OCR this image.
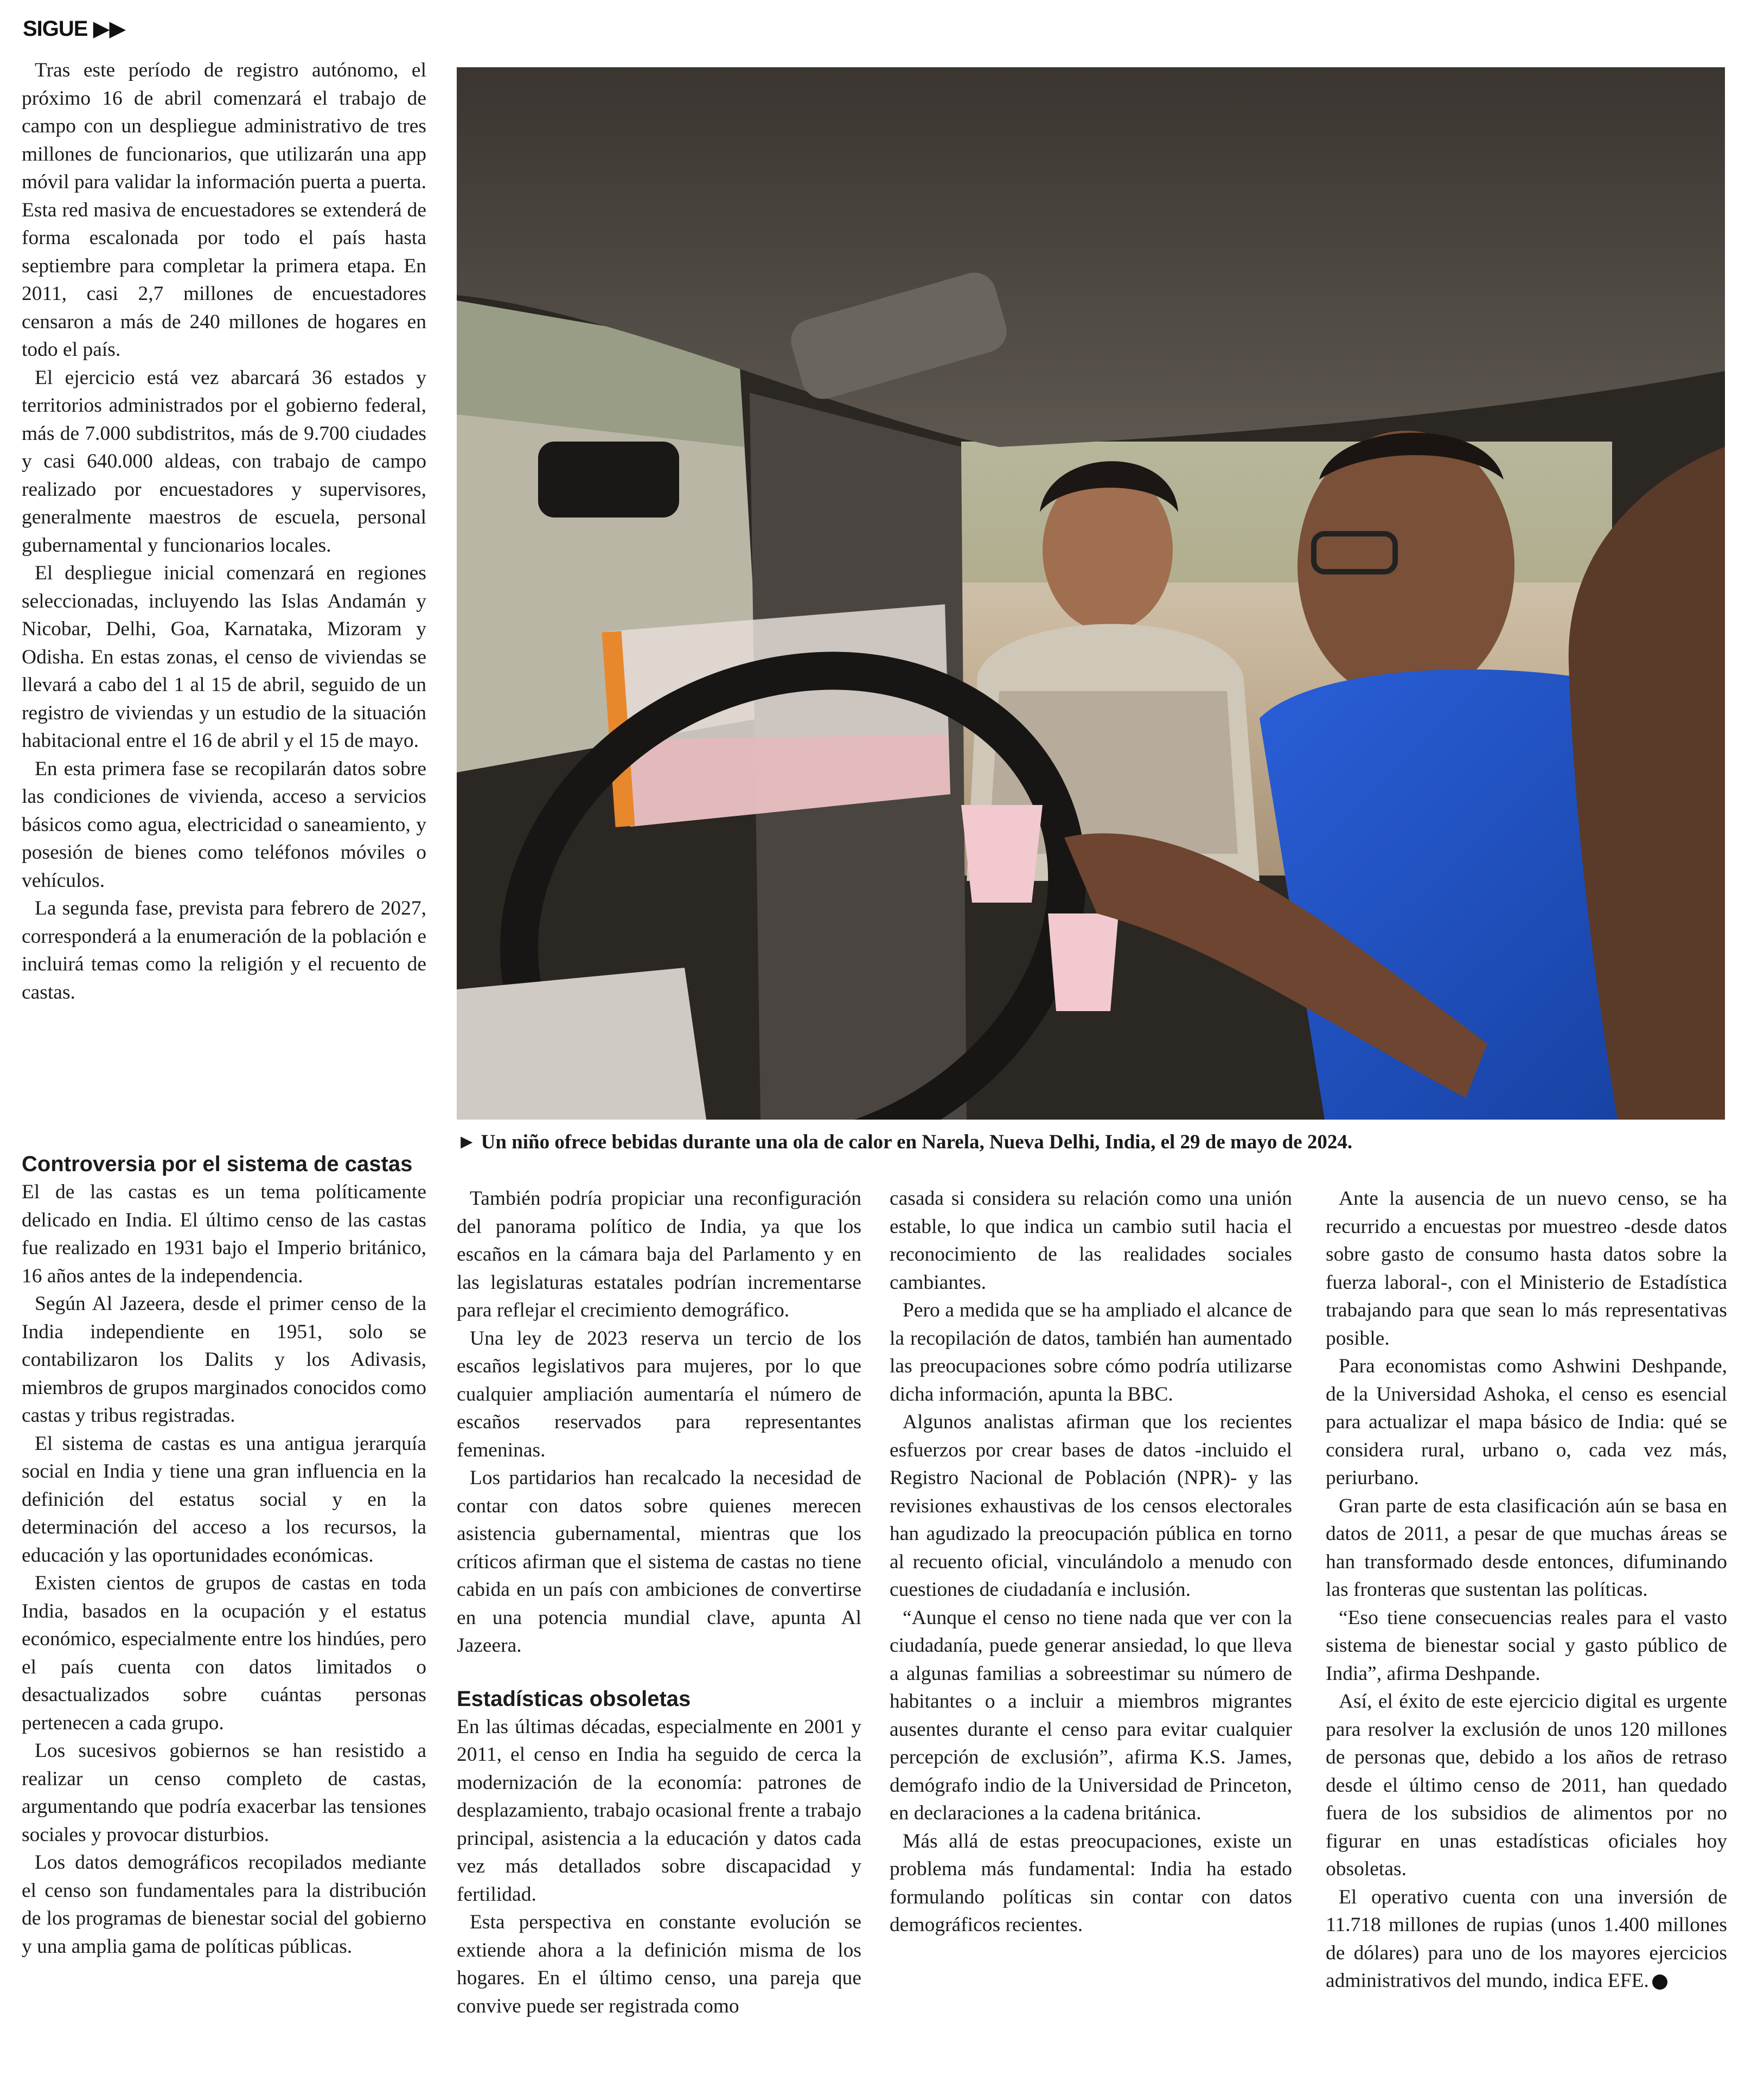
SIGUE ▶▶

Tras este período de registro autónomo, el próximo 16 de abril comenzará el trabajo de campo con un despliegue administrativo de tres millones de funcionarios, que utilizarán una app móvil para validar la información puerta a puerta. Esta red masiva de encuestadores se extenderá de forma escalonada por todo el país hasta septiembre para completar la primera etapa. En 2011, casi 2,7 millones de encuestadores censaron a más de 240 millones de hogares en todo el país.

El ejercicio está vez abarcará 36 estados y territorios administrados por el gobierno federal, más de 7.000 subdistritos, más de 9.700 ciudades y casi 640.000 aldeas, con trabajo de campo realizado por encuestadores y supervisores, generalmente maestros de escuela, personal gubernamental y funcionarios locales.

El despliegue inicial comenzará en regiones seleccionadas, incluyendo las Islas Andamán y Nicobar, Delhi, Goa, Karnataka, Mizoram y Odisha. En estas zonas, el censo de viviendas se llevará a cabo del 1 al 15 de abril, seguido de un registro de viviendas y un estudio de la situación habitacional entre el 16 de abril y el 15 de mayo.

En esta primera fase se recopilarán datos sobre las condiciones de vivienda, acceso a servicios básicos como agua, electricidad o saneamiento, y posesión de bienes como teléfonos móviles o vehículos.

La segunda fase, prevista para febrero de 2027, corresponderá a la enumeración de la población e incluirá temas como la religión y el recuento de castas.

► Un niño ofrece bebidas durante una ola de calor en Narela, Nueva Delhi, India, el 29 de mayo de 2024.
Controversia por el sistema de castas

El de las castas es un tema políticamente delicado en India. El último censo de las castas fue realizado en 1931 bajo el Imperio británico, 16 años antes de la independencia.

Según Al Jazeera, desde el primer censo de la India independiente en 1951, solo se contabilizaron los Dalits y los Adivasis, miembros de grupos marginados conocidos como castas y tribus registradas.

El sistema de castas es una antigua jerarquía social en India y tiene una gran influencia en la definición del estatus social y en la determinación del acceso a los recursos, la educación y las oportunidades económicas.

Existen cientos de grupos de castas en toda India, basados en la ocupación y el estatus económico, especialmente entre los hindúes, pero el país cuenta con datos limitados o desactualizados sobre cuántas personas pertenecen a cada grupo.

Los sucesivos gobiernos se han resistido a realizar un censo completo de castas, argumentando que podría exacerbar las tensiones sociales y provocar disturbios.

Los datos demográficos recopilados mediante el censo son fundamentales para la distribución de los programas de bienestar social del gobierno y una amplia gama de políticas públicas.

También podría propiciar una reconfiguración del panorama político de India, ya que los escaños en la cámara baja del Parlamento y en las legislaturas estatales podrían incrementarse para reflejar el crecimiento demográfico.

Una ley de 2023 reserva un tercio de los escaños legislativos para mujeres, por lo que cualquier ampliación aumentaría el número de escaños reservados para representantes femeninas.

Los partidarios han recalcado la necesidad de contar con datos sobre quienes merecen asistencia gubernamental, mientras que los críticos afirman que el sistema de castas no tiene cabida en un país con ambiciones de convertirse en una potencia mundial clave, apunta Al Jazeera.

Estadísticas obsoletas

En las últimas décadas, especialmente en 2001 y 2011, el censo en India ha seguido de cerca la modernización de la economía: patrones de desplazamiento, trabajo ocasional frente a trabajo principal, asistencia a la educación y datos cada vez más detallados sobre discapacidad y fertilidad.

Esta perspectiva en constante evolución se extiende ahora a la definición misma de los hogares. En el último censo, una pareja que convive puede ser registrada como

casada si considera su relación como una unión estable, lo que indica un cambio sutil hacia el reconocimiento de las realidades sociales cambiantes.

Pero a medida que se ha ampliado el alcance de la recopilación de datos, también han aumentado las preocupaciones sobre cómo podría utilizarse dicha información, apunta la BBC.

Algunos analistas afirman que los recientes esfuerzos por crear bases de datos -incluido el Registro Nacional de Población (NPR)- y las revisiones exhaustivas de los censos electorales han agudizado la preocupación pública en torno al recuento oficial, vinculándolo a menudo con cuestiones de ciudadanía e inclusión.

“Aunque el censo no tiene nada que ver con la ciudadanía, puede generar ansiedad, lo que lleva a algunas familias a sobreestimar su número de habitantes o a incluir a miembros migrantes ausentes durante el censo para evitar cualquier percepción de exclusión”, afirma K.S. James, demógrafo indio de la Universidad de Princeton, en declaraciones a la cadena británica.

Más allá de estas preocupaciones, existe un problema más fundamental: India ha estado formulando políticas sin contar con datos demográficos recientes.

Ante la ausencia de un nuevo censo, se ha recurrido a encuestas por muestreo -desde datos sobre gasto de consumo hasta datos sobre la fuerza laboral-, con el Ministerio de Estadística trabajando para que sean lo más representativas posible.

Para economistas como Ashwini Deshpande, de la Universidad Ashoka, el censo es esencial para actualizar el mapa básico de India: qué se considera rural, urbano o, cada vez más, periurbano.

Gran parte de esta clasificación aún se basa en datos de 2011, a pesar de que muchas áreas se han transformado desde entonces, difuminando las fronteras que sustentan las políticas.

“Eso tiene consecuencias reales para el vasto sistema de bienestar social y gasto público de India”, afirma Deshpande.

Así, el éxito de este ejercicio digital es urgente para resolver la exclusión de unos 120 millones de personas que, debido a los años de retraso desde el último censo de 2011, han quedado fuera de los subsidios de alimentos por no figurar en unas estadísticas oficiales hoy obsoletas.

El operativo cuenta con una inversión de 11.718 millones de rupias (unos 1.400 millones de dólares) para uno de los mayores ejercicios administrativos del mundo, indica EFE.
